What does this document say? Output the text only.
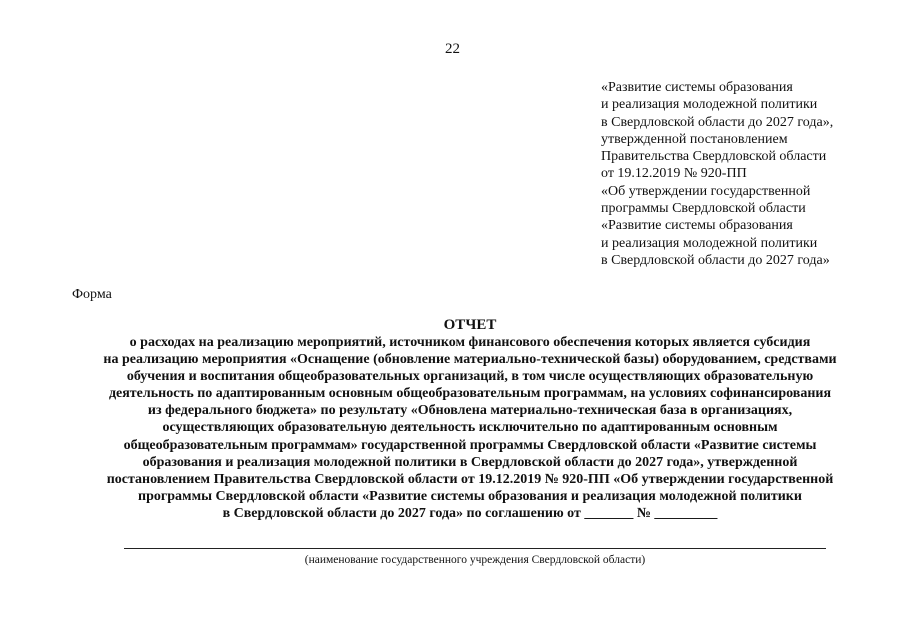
22
«Развитие системы образования
и реализация молодежной политики
в Свердловской области до 2027 года»,
утвержденной постановлением
Правительства Свердловской области
от 19.12.2019 № 920-ПП
«Об утверждении государственной
программы Свердловской области
«Развитие системы образования
и реализация молодежной политики
в Свердловской области до 2027 года»
Форма
ОТЧЕТ
о расходах на реализацию мероприятий, источником финансового обеспечения которых является субсидия
на реализацию мероприятия «Оснащение (обновление материально-технической базы) оборудованием, средствами
обучения и воспитания общеобразовательных организаций, в том числе осуществляющих образовательную
деятельность по адаптированным основным общеобразовательным программам, на условиях софинансирования
из федерального бюджета» по результату «Обновлена материально-техническая база в организациях,
осуществляющих образовательную деятельность исключительно по адаптированным основным
общеобразовательным программам» государственной программы Свердловской области «Развитие системы
образования и реализация молодежной политики в Свердловской области до 2027 года», утвержденной
постановлением Правительства Свердловской области от 19.12.2019 № 920-ПП «Об утверждении государственной
программы Свердловской области «Развитие системы образования и реализация молодежной политики
в Свердловской области до 2027 года» по соглашению от _______ № _________
(наименование государственного учреждения Свердловской области)
